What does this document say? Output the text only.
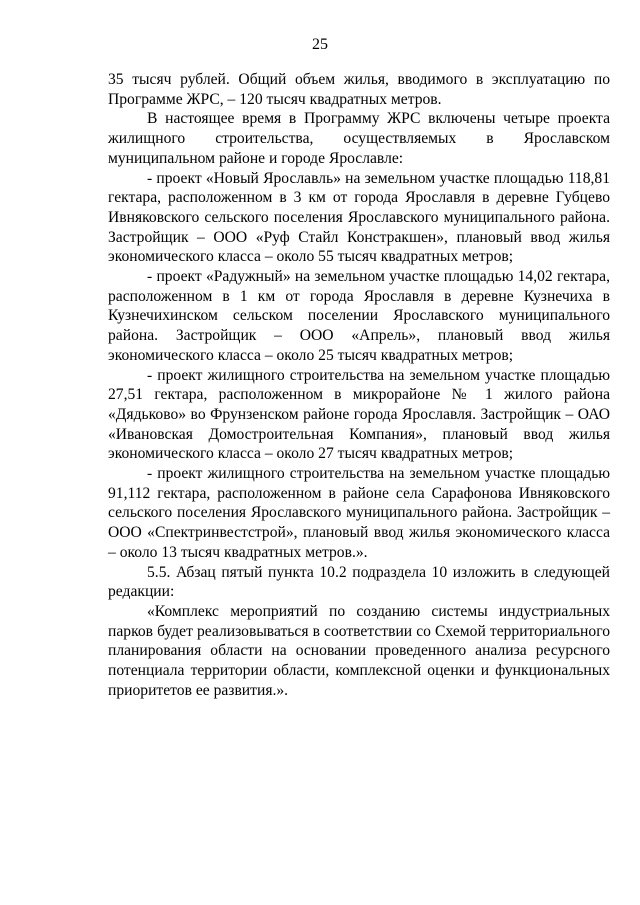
25

35 тысяч рублей. Общий объем жилья, вводимого в эксплуатацию по Программе ЖРС, – 120 тысяч квадратных метров.

В настоящее время в Программу ЖРС включены четыре проекта жилищного строительства, осуществляемых в Ярославском муниципальном районе и городе Ярославле:

- проект «Новый Ярославль» на земельном участке площадью 118,81 гектара, расположенном в 3 км от города Ярославля в деревне Губцево Ивняковского сельского поселения Ярославского муниципального района. Застройщик – ООО «Руф Стайл Констракшен», плановый ввод жилья экономического класса – около 55 тысяч квадратных метров;

- проект «Радужный» на земельном участке площадью 14,02 гектара, расположенном в 1 км от города Ярославля в деревне Кузнечиха в Кузнечихинском сельском поселении Ярославского муниципального района. Застройщик – ООО «Апрель», плановый ввод жилья экономического класса – около 25 тысяч квадратных метров;

- проект жилищного строительства на земельном участке площадью 27,51 гектара, расположенном в микрорайоне № 1 жилого района «Дядьково» во Фрунзенском районе города Ярославля. Застройщик – ОАО «Ивановская Домостроительная Компания», плановый ввод жилья экономического класса – около 27 тысяч квадратных метров;

- проект жилищного строительства на земельном участке площадью 91,112 гектара, расположенном в районе села Сарафонова Ивняковского сельского поселения Ярославского муниципального района. Застройщик – ООО «Спектринвестстрой», плановый ввод жилья экономического класса – около 13 тысяч квадратных метров.».

5.5. Абзац пятый пункта 10.2 подраздела 10 изложить в следующей редакции:

«Комплекс мероприятий по созданию системы индустриальных парков будет реализовываться в соответствии со Схемой территориального планирования области на основании проведенного анализа ресурсного потенциала территории области, комплексной оценки и функциональных приоритетов ее развития.».
